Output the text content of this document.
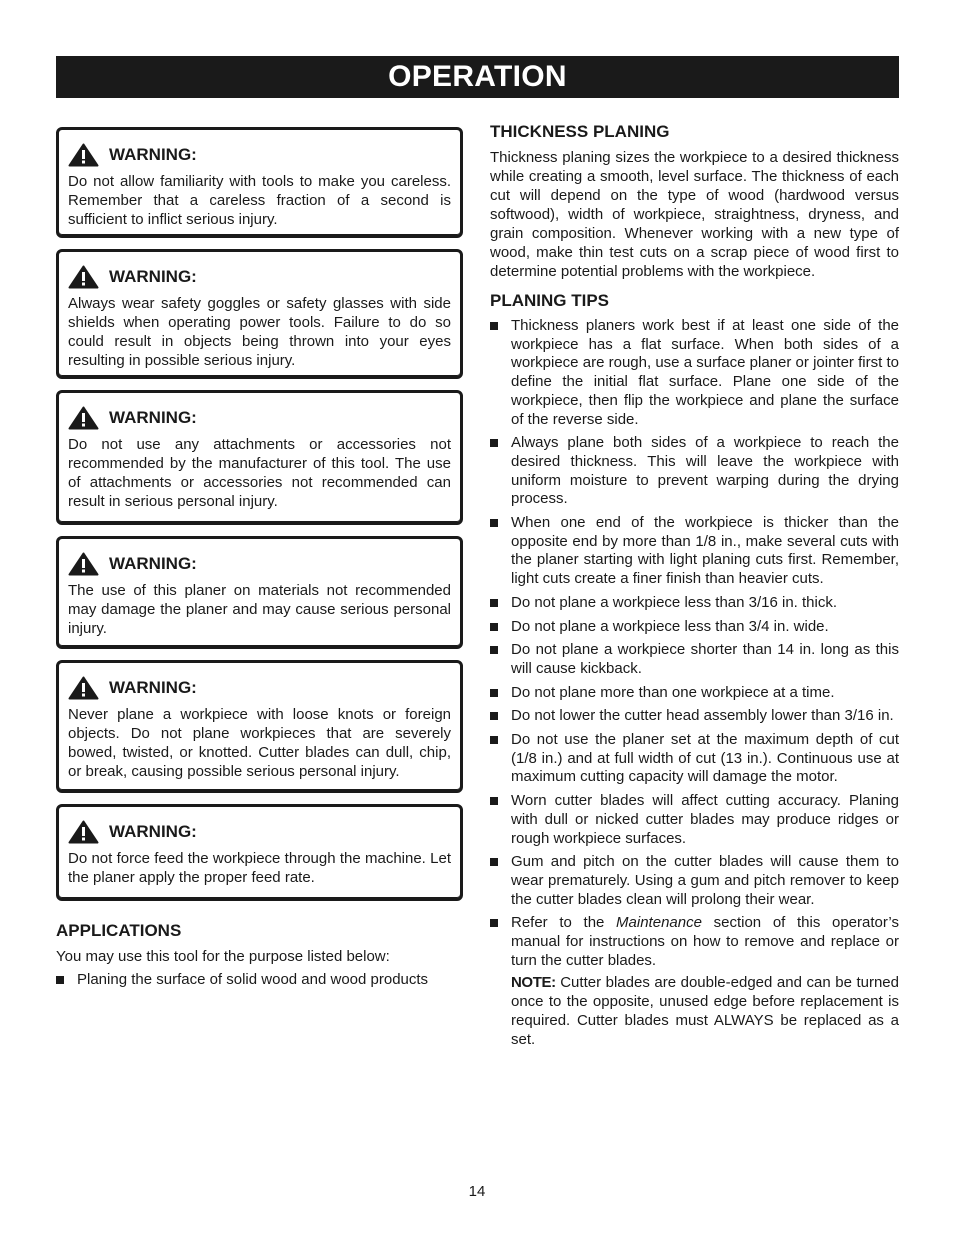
OPERATION
WARNING:
Do not allow familiarity with tools to make you careless. Remember that a careless fraction of a second is sufficient to inflict serious injury.
WARNING:
Always wear safety goggles or safety glasses with side shields when operating power tools. Failure to do so could result in objects being thrown into your eyes resulting in possible serious injury.
WARNING:
Do not use any attachments or accessories not recommended by the manufacturer of this tool. The use of attachments or accessories not recommended can result in serious personal injury.
WARNING:
The use of this planer on materials not recommended may damage the planer and may cause serious personal injury.
WARNING:
Never plane a workpiece with loose knots or foreign objects. Do not plane workpieces that are severely bowed, twisted, or knotted. Cutter blades can dull, chip, or break, causing possible serious personal injury.
WARNING:
Do not force feed the workpiece through the machine. Let the planer apply the proper feed rate.
APPLICATIONS

You may use this tool for the purpose listed below:

Planing the surface of solid wood and wood products
THICKNESS PLANING

Thickness planing sizes the workpiece to a desired thickness while creating a smooth, level surface. The thickness of each cut will depend on the type of wood (hardwood versus softwood), width of workpiece, straightness, dryness, and grain composition. Whenever working with a new type of wood, make thin test cuts on a scrap piece of wood first to determine potential problems with the workpiece.

PLANING TIPS
Thickness planers work best if at least one side of the workpiece has a flat surface. When both sides of a workpiece are rough, use a surface planer or jointer first to define the initial flat surface. Plane one side of the workpiece, then flip the workpiece and plane the surface of the reverse side.
Always plane both sides of a workpiece to reach the desired thickness. This will leave the workpiece with uniform moisture to prevent warping during the drying process.
When one end of the workpiece is thicker than the opposite end by more than 1/8 in., make several cuts with the planer starting with light planing cuts first. Remember, light cuts create a finer finish than heavier cuts.
Do not plane a workpiece less than 3/16 in. thick.
Do not plane a workpiece less than 3/4 in. wide.
Do not plane a workpiece shorter than 14 in. long as this will cause kickback.
Do not plane more than one workpiece at a time.
Do not lower the cutter head assembly lower than 3/16 in.
Do not use the planer set at the maximum depth of cut (1/8 in.) and at full width of cut (13 in.). Continuous use at maximum cutting capacity will damage the motor.
Worn cutter blades will affect cutting accuracy. Planing with dull or nicked cutter blades may produce ridges or rough workpiece surfaces.
Gum and pitch on the cutter blades will cause them to wear prematurely. Using a gum and pitch remover to keep the cutter blades clean will prolong their wear.
Refer to the Maintenance section of this operator’s manual for instructions on how to remove and replace or turn the cutter blades.
NOTE: Cutter blades are double-edged and can be turned once to the opposite, unused edge before replacement is required. Cutter blades must ALWAYS be replaced as a set.
14
